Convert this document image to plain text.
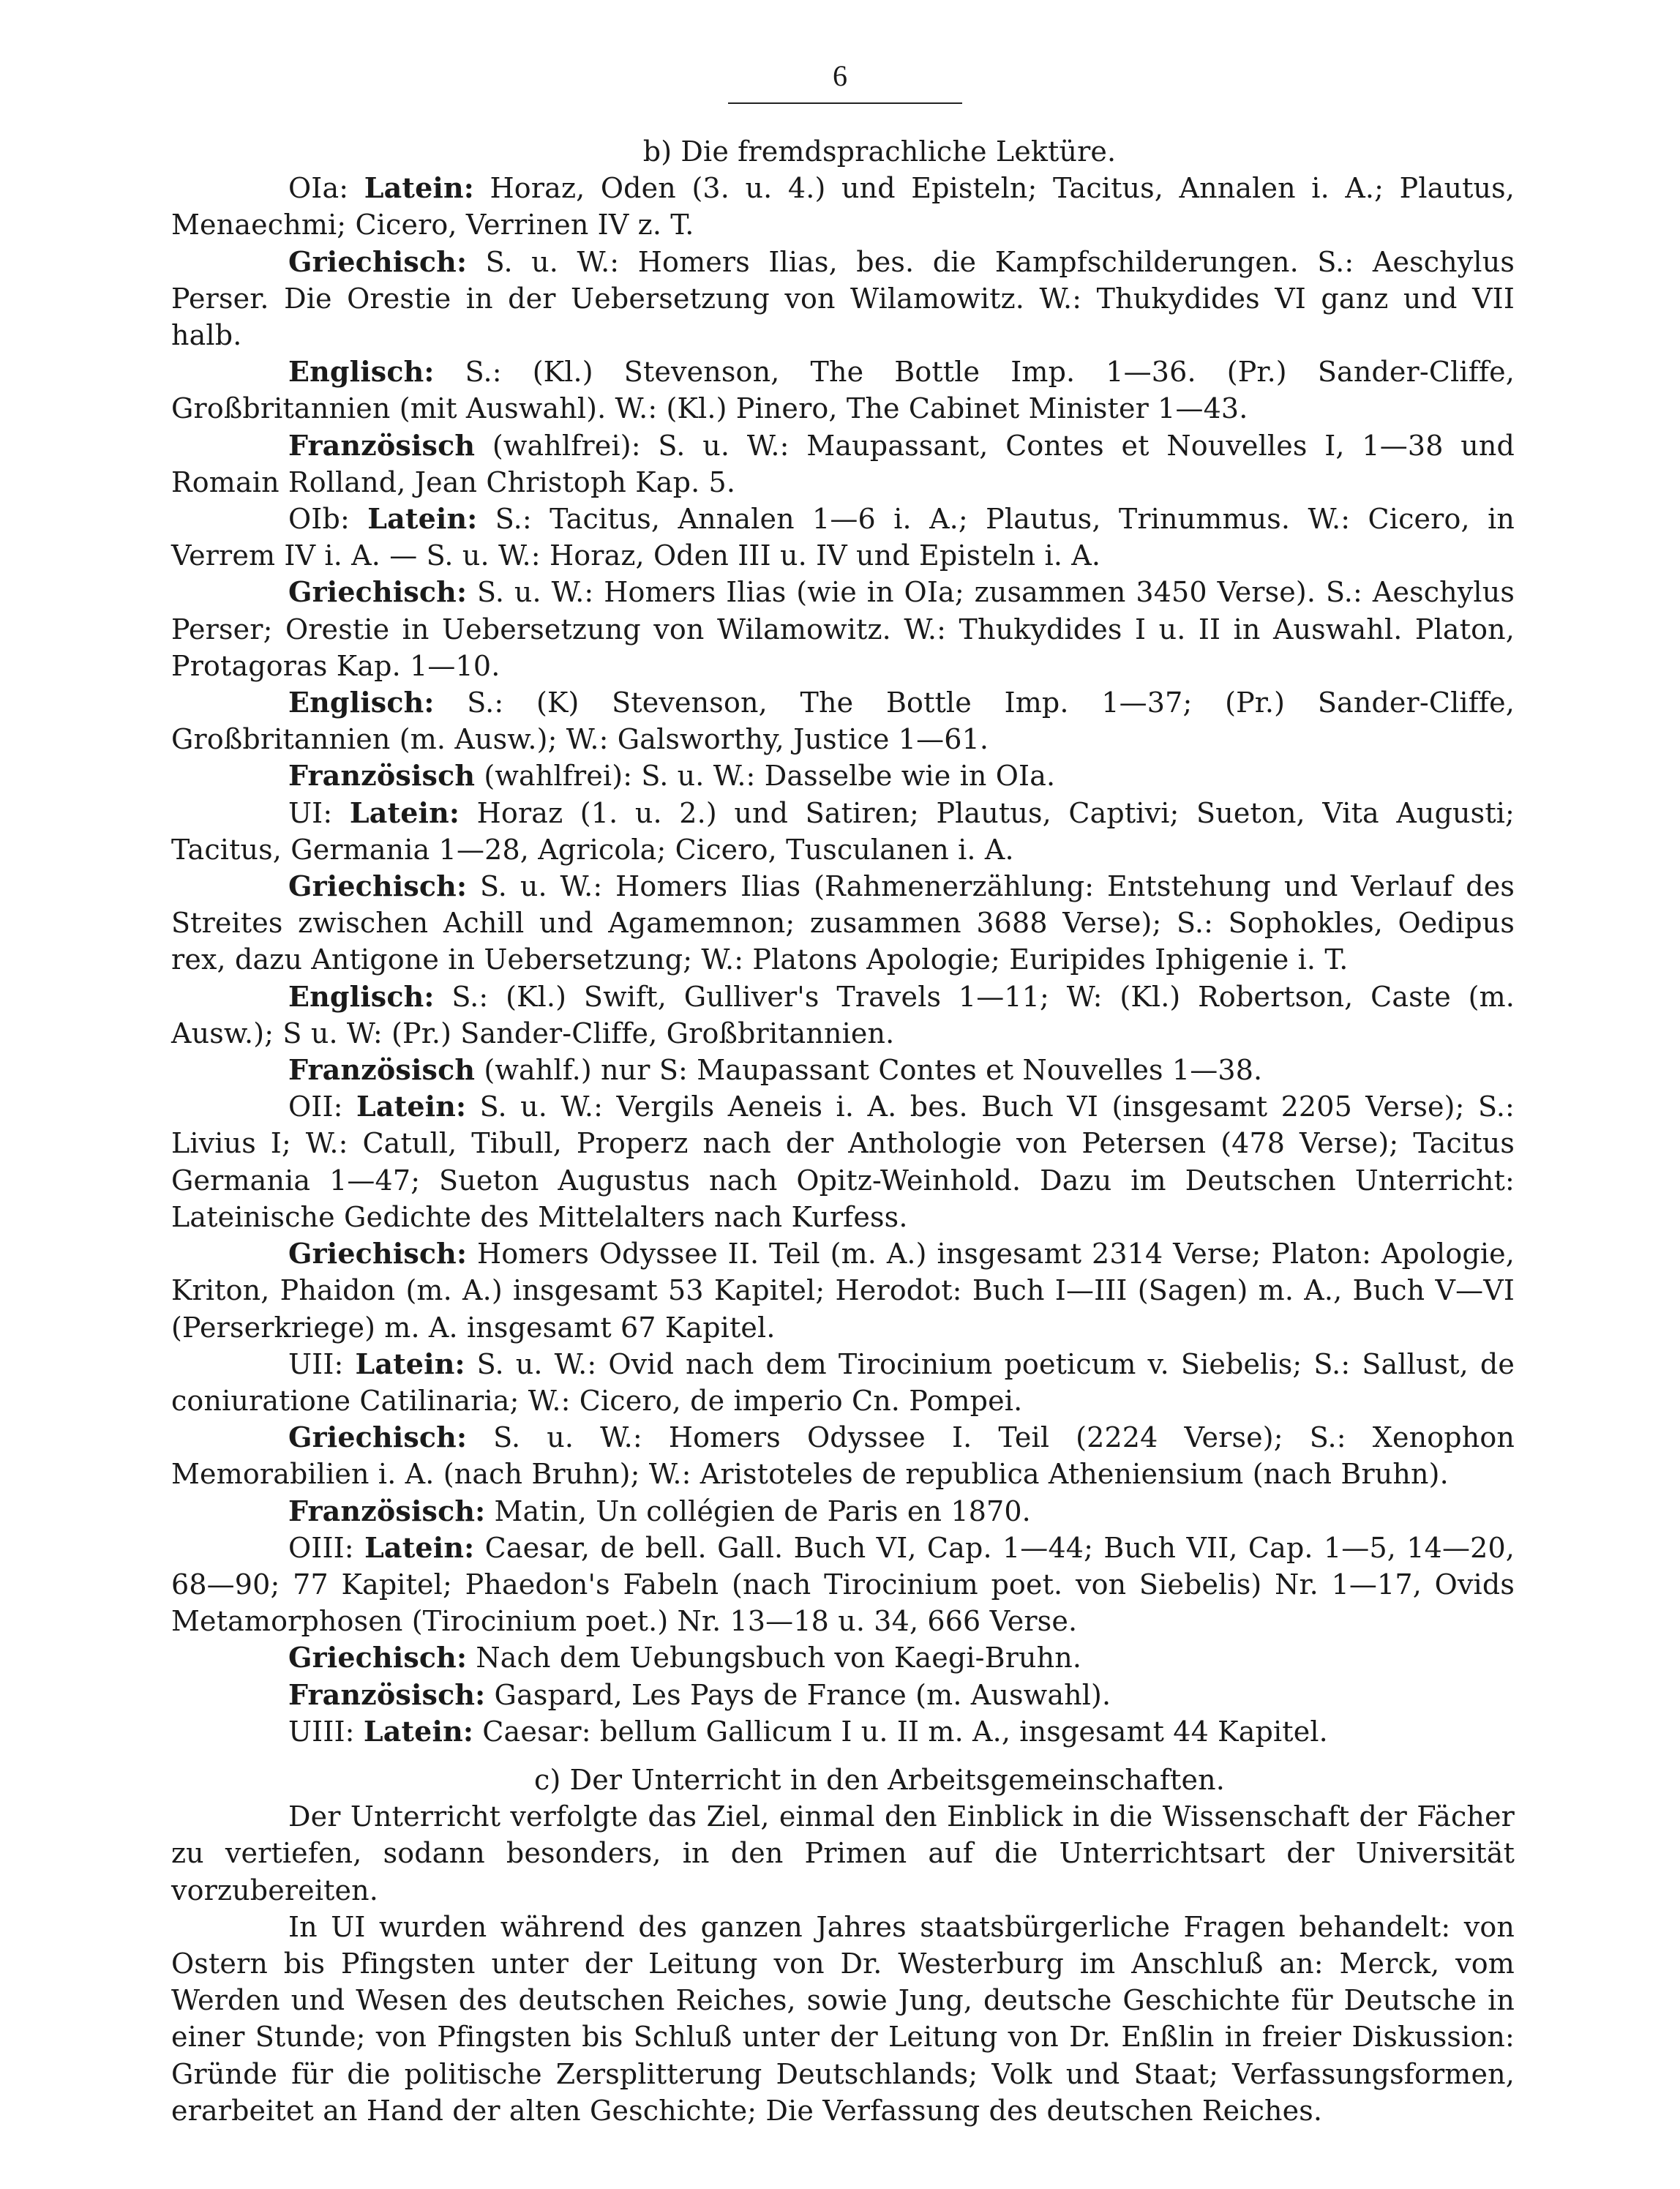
6

b) Die fremdsprachliche Lektüre.

OIa: Latein: Horaz, Oden (3. u. 4.) und Episteln; Tacitus, Annalen i. A.; Plautus, Menaechmi; Cicero, Verrinen IV z. T.

Griechisch: S. u. W.: Homers Ilias, bes. die Kampfschilderungen. S.: Aeschylus Perser. Die Orestie in der Uebersetzung von Wilamowitz. W.: Thukydides VI ganz und VII halb.

Englisch: S.: (Kl.) Stevenson, The Bottle Imp. 1—36. (Pr.) Sander-Cliffe, Großbritannien (mit Auswahl). W.: (Kl.) Pinero, The Cabinet Minister 1—43.

Französisch (wahlfrei): S. u. W.: Maupassant, Contes et Nouvelles I, 1—38 und Romain Rolland, Jean Christoph Kap. 5.

OIb: Latein: S.: Tacitus, Annalen 1—6 i. A.; Plautus, Trinummus. W.: Cicero, in Verrem IV i. A. — S. u. W.: Horaz, Oden III u. IV und Episteln i. A.

Griechisch: S. u. W.: Homers Ilias (wie in OIa; zusammen 3450 Verse). S.: Aeschylus Perser; Orestie in Uebersetzung von Wilamowitz. W.: Thukydides I u. II in Auswahl. Platon, Protagoras Kap. 1—10.

Englisch: S.: (K) Stevenson, The Bottle Imp. 1—37; (Pr.) Sander-Cliffe, Großbritannien (m. Ausw.); W.: Galsworthy, Justice 1—61.

Französisch (wahlfrei): S. u. W.: Dasselbe wie in OIa.

UI: Latein: Horaz (1. u. 2.) und Satiren; Plautus, Captivi; Sueton, Vita Augusti; Tacitus, Germania 1—28, Agricola; Cicero, Tusculanen i. A.

Griechisch: S. u. W.: Homers Ilias (Rahmenerzählung: Entstehung und Verlauf des Streites zwischen Achill und Agamemnon; zusammen 3688 Verse); S.: Sophokles, Oedipus rex, dazu Antigone in Uebersetzung; W.: Platons Apologie; Euripides Iphigenie i. T.

Englisch: S.: (Kl.) Swift, Gulliver's Travels 1—11; W: (Kl.) Robertson, Caste (m. Ausw.); S u. W: (Pr.) Sander-Cliffe, Großbritannien.

Französisch (wahlf.) nur S: Maupassant Contes et Nouvelles 1—38.

OII: Latein: S. u. W.: Vergils Aeneis i. A. bes. Buch VI (insgesamt 2205 Verse); S.: Livius I; W.: Catull, Tibull, Properz nach der Anthologie von Petersen (478 Verse); Tacitus Germania 1—47; Sueton Augustus nach Opitz-Weinhold. Dazu im Deutschen Unterricht: Lateinische Gedichte des Mittelalters nach Kurfess.

Griechisch: Homers Odyssee II. Teil (m. A.) insgesamt 2314 Verse; Platon: Apologie, Kriton, Phaidon (m. A.) insgesamt 53 Kapitel; Herodot: Buch I—III (Sagen) m. A., Buch V—VI (Perserkriege) m. A. insgesamt 67 Kapitel.

UII: Latein: S. u. W.: Ovid nach dem Tirocinium poeticum v. Siebelis; S.: Sallust, de coniuratione Catilinaria; W.: Cicero, de imperio Cn. Pompei.

Griechisch: S. u. W.: Homers Odyssee I. Teil (2224 Verse); S.: Xenophon Memorabilien i. A. (nach Bruhn); W.: Aristoteles de republica Atheniensium (nach Bruhn).

Französisch: Matin, Un collégien de Paris en 1870.

OIII: Latein: Caesar, de bell. Gall. Buch VI, Cap. 1—44; Buch VII, Cap. 1—5, 14—20, 68—90; 77 Kapitel; Phaedon's Fabeln (nach Tirocinium poet. von Siebelis) Nr. 1—17, Ovids Metamorphosen (Tirocinium poet.) Nr. 13—18 u. 34, 666 Verse.

Griechisch: Nach dem Uebungsbuch von Kaegi-Bruhn.

Französisch: Gaspard, Les Pays de France (m. Auswahl).

UIII: Latein: Caesar: bellum Gallicum I u. II m. A., insgesamt 44 Kapitel.

c) Der Unterricht in den Arbeitsgemeinschaften.

Der Unterricht verfolgte das Ziel, einmal den Einblick in die Wissenschaft der Fächer zu vertiefen, sodann besonders, in den Primen auf die Unterrichtsart der Universität vorzubereiten.

In UI wurden während des ganzen Jahres staatsbürgerliche Fragen behandelt: von Ostern bis Pfingsten unter der Leitung von Dr. Westerburg im Anschluß an: Merck, vom Werden und Wesen des deutschen Reiches, sowie Jung, deutsche Geschichte für Deutsche in einer Stunde; von Pfingsten bis Schluß unter der Leitung von Dr. Enßlin in freier Diskussion: Gründe für die politische Zersplitterung Deutschlands; Volk und Staat; Verfassungsformen, erarbeitet an Hand der alten Geschichte; Die Verfassung des deutschen Reiches.
